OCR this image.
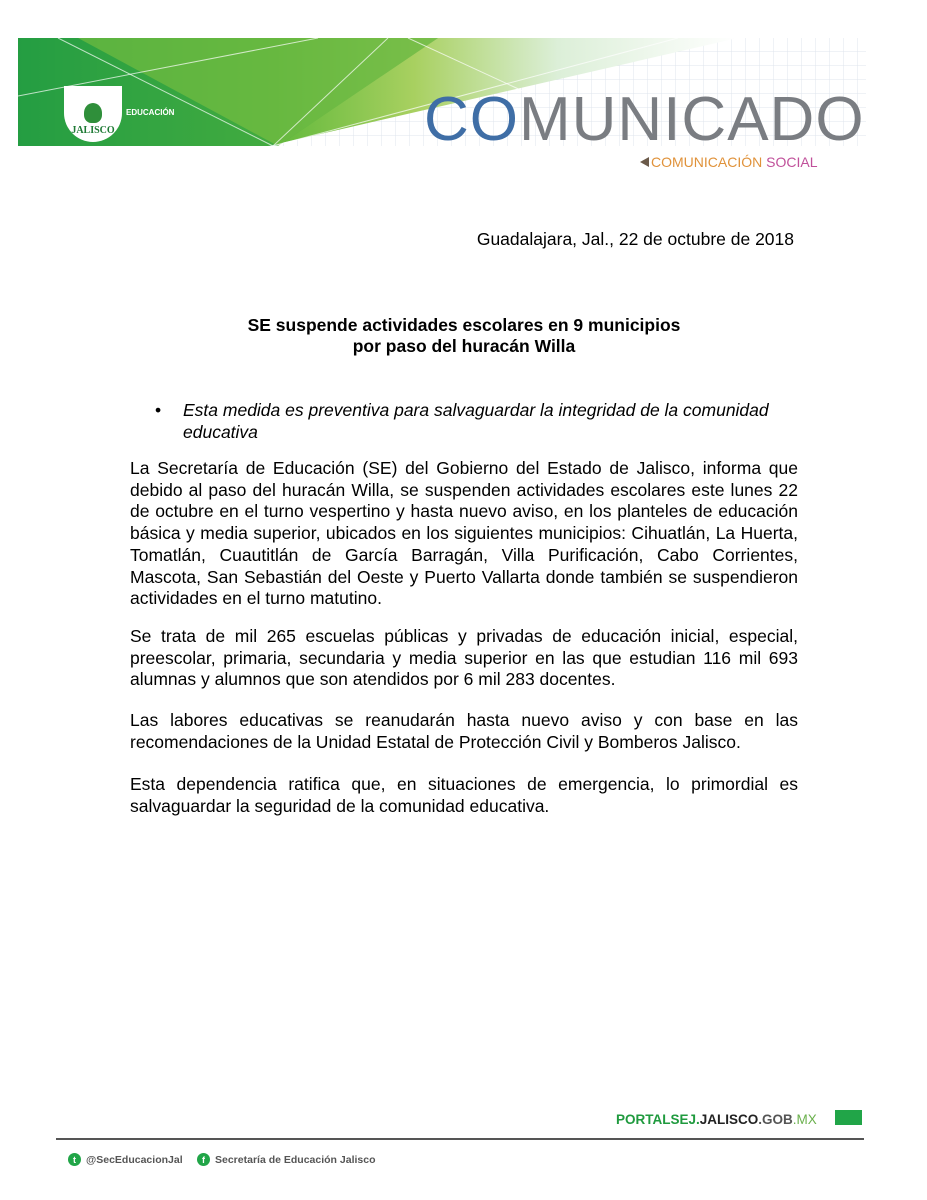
JALISCO
EDUCACIÓN	COMUNICADO
COMUNICACIÓN SOCIAL
Guadalajara, Jal., 22 de octubre de 2018
SE suspende actividades escolares en 9 municipios
por paso del huracán Willa
• Esta medida es preventiva para salvaguardar la integridad de la comunidad educativa

La Secretaría de Educación (SE) del Gobierno del Estado de Jalisco, informa que debido al paso del huracán Willa, se suspenden actividades escolares este lunes 22 de octubre en el turno vespertino y hasta nuevo aviso, en los planteles de educación básica y media superior, ubicados en los siguientes municipios: Cihuatlán, La Huerta, Tomatlán, Cuautitlán de García Barragán, Villa Purificación, Cabo Corrientes, Mascota, San Sebastián del Oeste y Puerto Vallarta donde también se suspendieron actividades en el turno matutino.

Se trata de mil 265 escuelas públicas y privadas de educación inicial, especial, preescolar, primaria, secundaria y media superior en las que estudian 116 mil 693 alumnas y alumnos que son atendidos por 6 mil 283 docentes.

Las labores educativas se reanudarán hasta nuevo aviso y con base en las recomendaciones de la Unidad Estatal de Protección Civil y Bomberos Jalisco.

Esta dependencia ratifica que, en situaciones de emergencia, lo primordial es salvaguardar la seguridad de la comunidad educativa.

PORTALSEJ.JALISCO.GOB.MX
t @SecEducacionJal	f Secretaría de Educación Jalisco
